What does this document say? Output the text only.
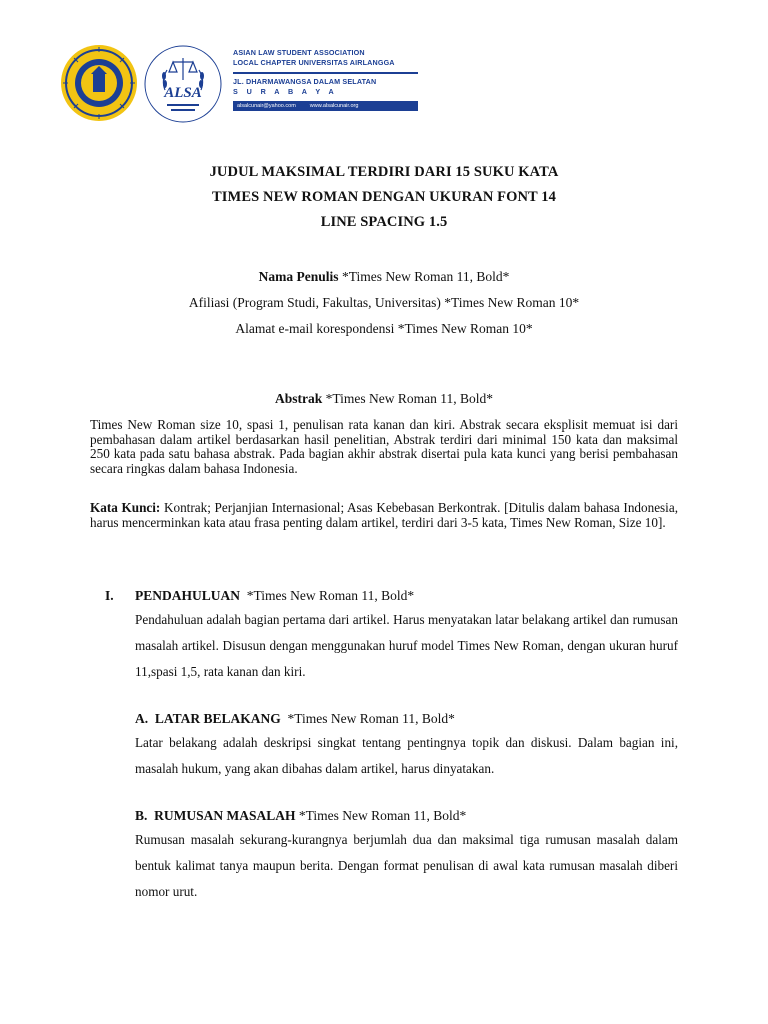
ALSA
ASIAN LAW STUDENT ASSOCIATION
LOCAL CHAPTER UNIVERSITAS AIRLANGGA
JL. DHARMAWANGSA DALAM SELATAN
S U R A B A Y A
alsalcunair@yahoo.com	www.alsalcunair.org
JUDUL MAKSIMAL TERDIRI DARI 15 SUKU KATA
TIMES NEW ROMAN DENGAN UKURAN FONT 14
LINE SPACING 1.5
Nama Penulis *Times New Roman 11, Bold*
Afiliasi (Program Studi, Fakultas, Universitas) *Times New Roman 10*
Alamat e-mail korespondensi *Times New Roman 10*
Abstrak *Times New Roman 11, Bold*
Times New Roman size 10, spasi 1, penulisan rata kanan dan kiri. Abstrak secara eksplisit memuat isi dari pembahasan dalam artikel berdasarkan hasil penelitian, Abstrak terdiri dari minimal 150 kata dan maksimal 250 kata pada satu bahasa abstrak. Pada bagian akhir abstrak disertai pula kata kunci yang berisi pembahasan secara ringkas dalam bahasa Indonesia.
Kata Kunci: Kontrak; Perjanjian Internasional; Asas Kebebasan Berkontrak. [Ditulis dalam bahasa Indonesia, harus mencerminkan kata atau frasa penting dalam artikel, terdiri dari 3-5 kata, Times New Roman, Size 10].
I. PENDAHULUAN  *Times New Roman 11, Bold*
Pendahuluan adalah bagian pertama dari artikel. Harus menyatakan latar belakang artikel dan rumusan masalah artikel. Disusun dengan menggunakan huruf model Times New Roman, dengan ukuran huruf 11,spasi 1,5, rata kanan dan kiri.
A.  LATAR BELAKANG  *Times New Roman 11, Bold*
Latar belakang adalah deskripsi singkat tentang pentingnya topik dan diskusi. Dalam bagian ini, masalah hukum, yang akan dibahas dalam artikel, harus dinyatakan.
B.  RUMUSAN MASALAH *Times New Roman 11, Bold*
Rumusan masalah sekurang-kurangnya berjumlah dua dan maksimal tiga rumusan masalah dalam bentuk kalimat tanya maupun berita. Dengan format penulisan di awal kata rumusan masalah diberi nomor urut.
